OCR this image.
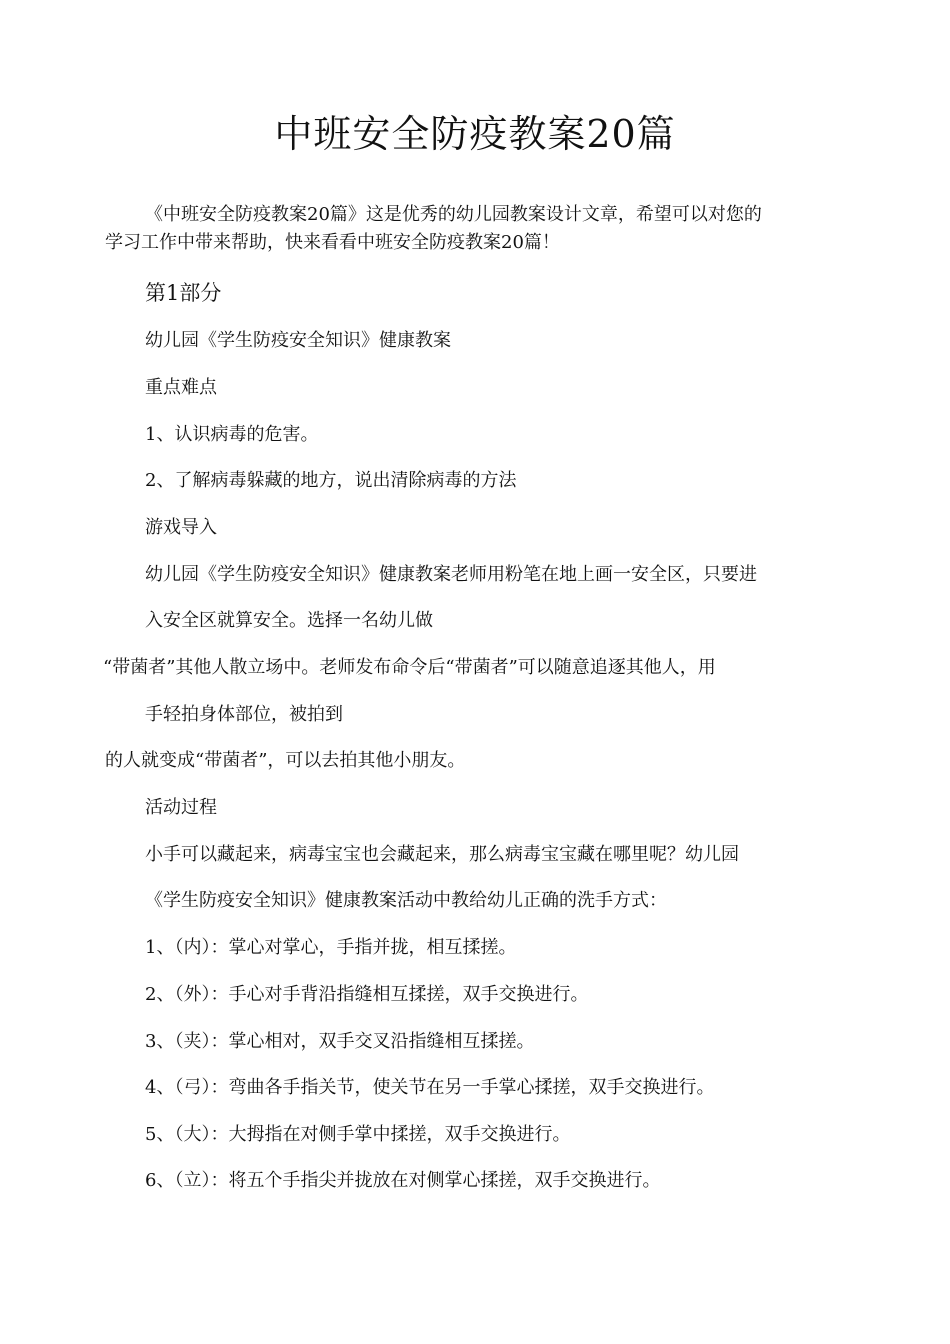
中班安全防疫教案20篇

《中班安全防疫教案20篇》这是优秀的幼儿园教案设计文章，希望可以对您的

学习工作中带来帮助，快来看看中班安全防疫教案20篇！

第1部分

幼儿园《学生防疫安全知识》健康教案

重点难点

1、认识病毒的危害。

2、了解病毒躲藏的地方，说出清除病毒的方法

游戏导入

幼儿园《学生防疫安全知识》健康教案老师用粉笔在地上画一安全区，只要进

入安全区就算安全。选择一名幼儿做

“带菌者”其他人散立场中。老师发布命令后“带菌者”可以随意追逐其他人，用

手轻拍身体部位，被拍到

的人就变成“带菌者”，可以去拍其他小朋友。

活动过程

小手可以藏起来，病毒宝宝也会藏起来，那么病毒宝宝藏在哪里呢？幼儿园

《学生防疫安全知识》健康教案活动中教给幼儿正确的洗手方式：

1、（内）：掌心对掌心，手指并拢，相互揉搓。

2、（外）：手心对手背沿指缝相互揉搓，双手交换进行。

3、（夹）：掌心相对，双手交叉沿指缝相互揉搓。

4、（弓）：弯曲各手指关节，使关节在另一手掌心揉搓，双手交换进行。

5、（大）：大拇指在对侧手掌中揉搓，双手交换进行。

6、（立）：将五个手指尖并拢放在对侧掌心揉搓，双手交换进行。
